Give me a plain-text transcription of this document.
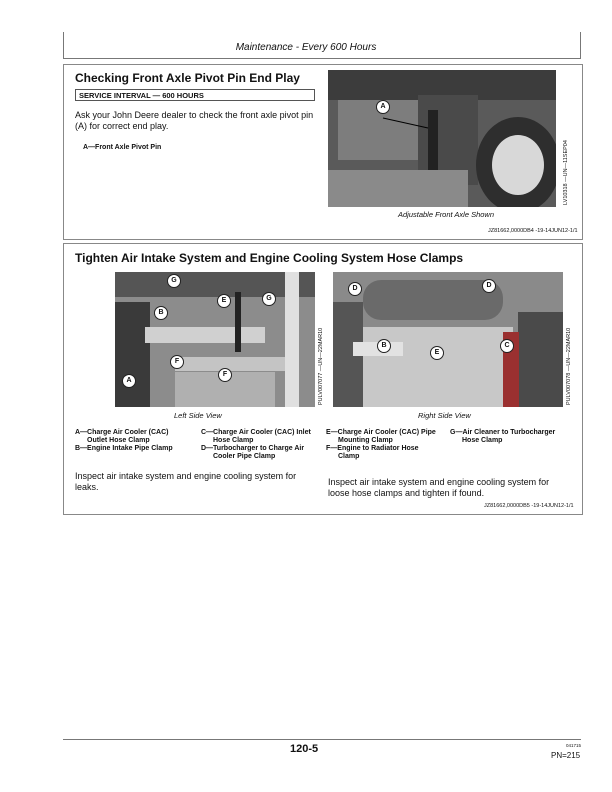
Maintenance - Every 600 Hours
Checking Front Axle Pivot Pin End Play
SERVICE INTERVAL — 600 HOURS
Ask your John Deere dealer to check the front axle pivot pin (A) for correct end play.
A—Front Axle Pivot Pin
A
LV10318 —UN—11SEP04
Adjustable Front Axle Shown
JZ81662,0000DB4 -19-14JUN12-1/1
Tighten Air Intake System and Engine Cooling System Hose Clamps
G
E	G
B
F
F
A	PULV007077 —UN—22MAR10
Left Side View
D	D
B
E
C	PULV007078 —UN—22MAR10
Right Side View
A—Charge Air Cooler (CAC)
Outlet Hose Clamp
B—Engine Intake Pipe Clamp
C—Charge Air Cooler (CAC) Inlet
Hose Clamp
D—Turbocharger to Charge Air
Cooler Pipe Clamp
E—Charge Air Cooler (CAC) Pipe
Mounting Clamp
F—Engine to Radiator Hose
Clamp
G—Air Cleaner to Turbocharger
Hose Clamp
Inspect air intake system and engine cooling system for leaks.	Inspect air intake system and engine cooling system for loose hose clamps and tighten if found.
JZ81662,0000DB5 -19-14JUN12-1/1
120-5	041715
PN=215
